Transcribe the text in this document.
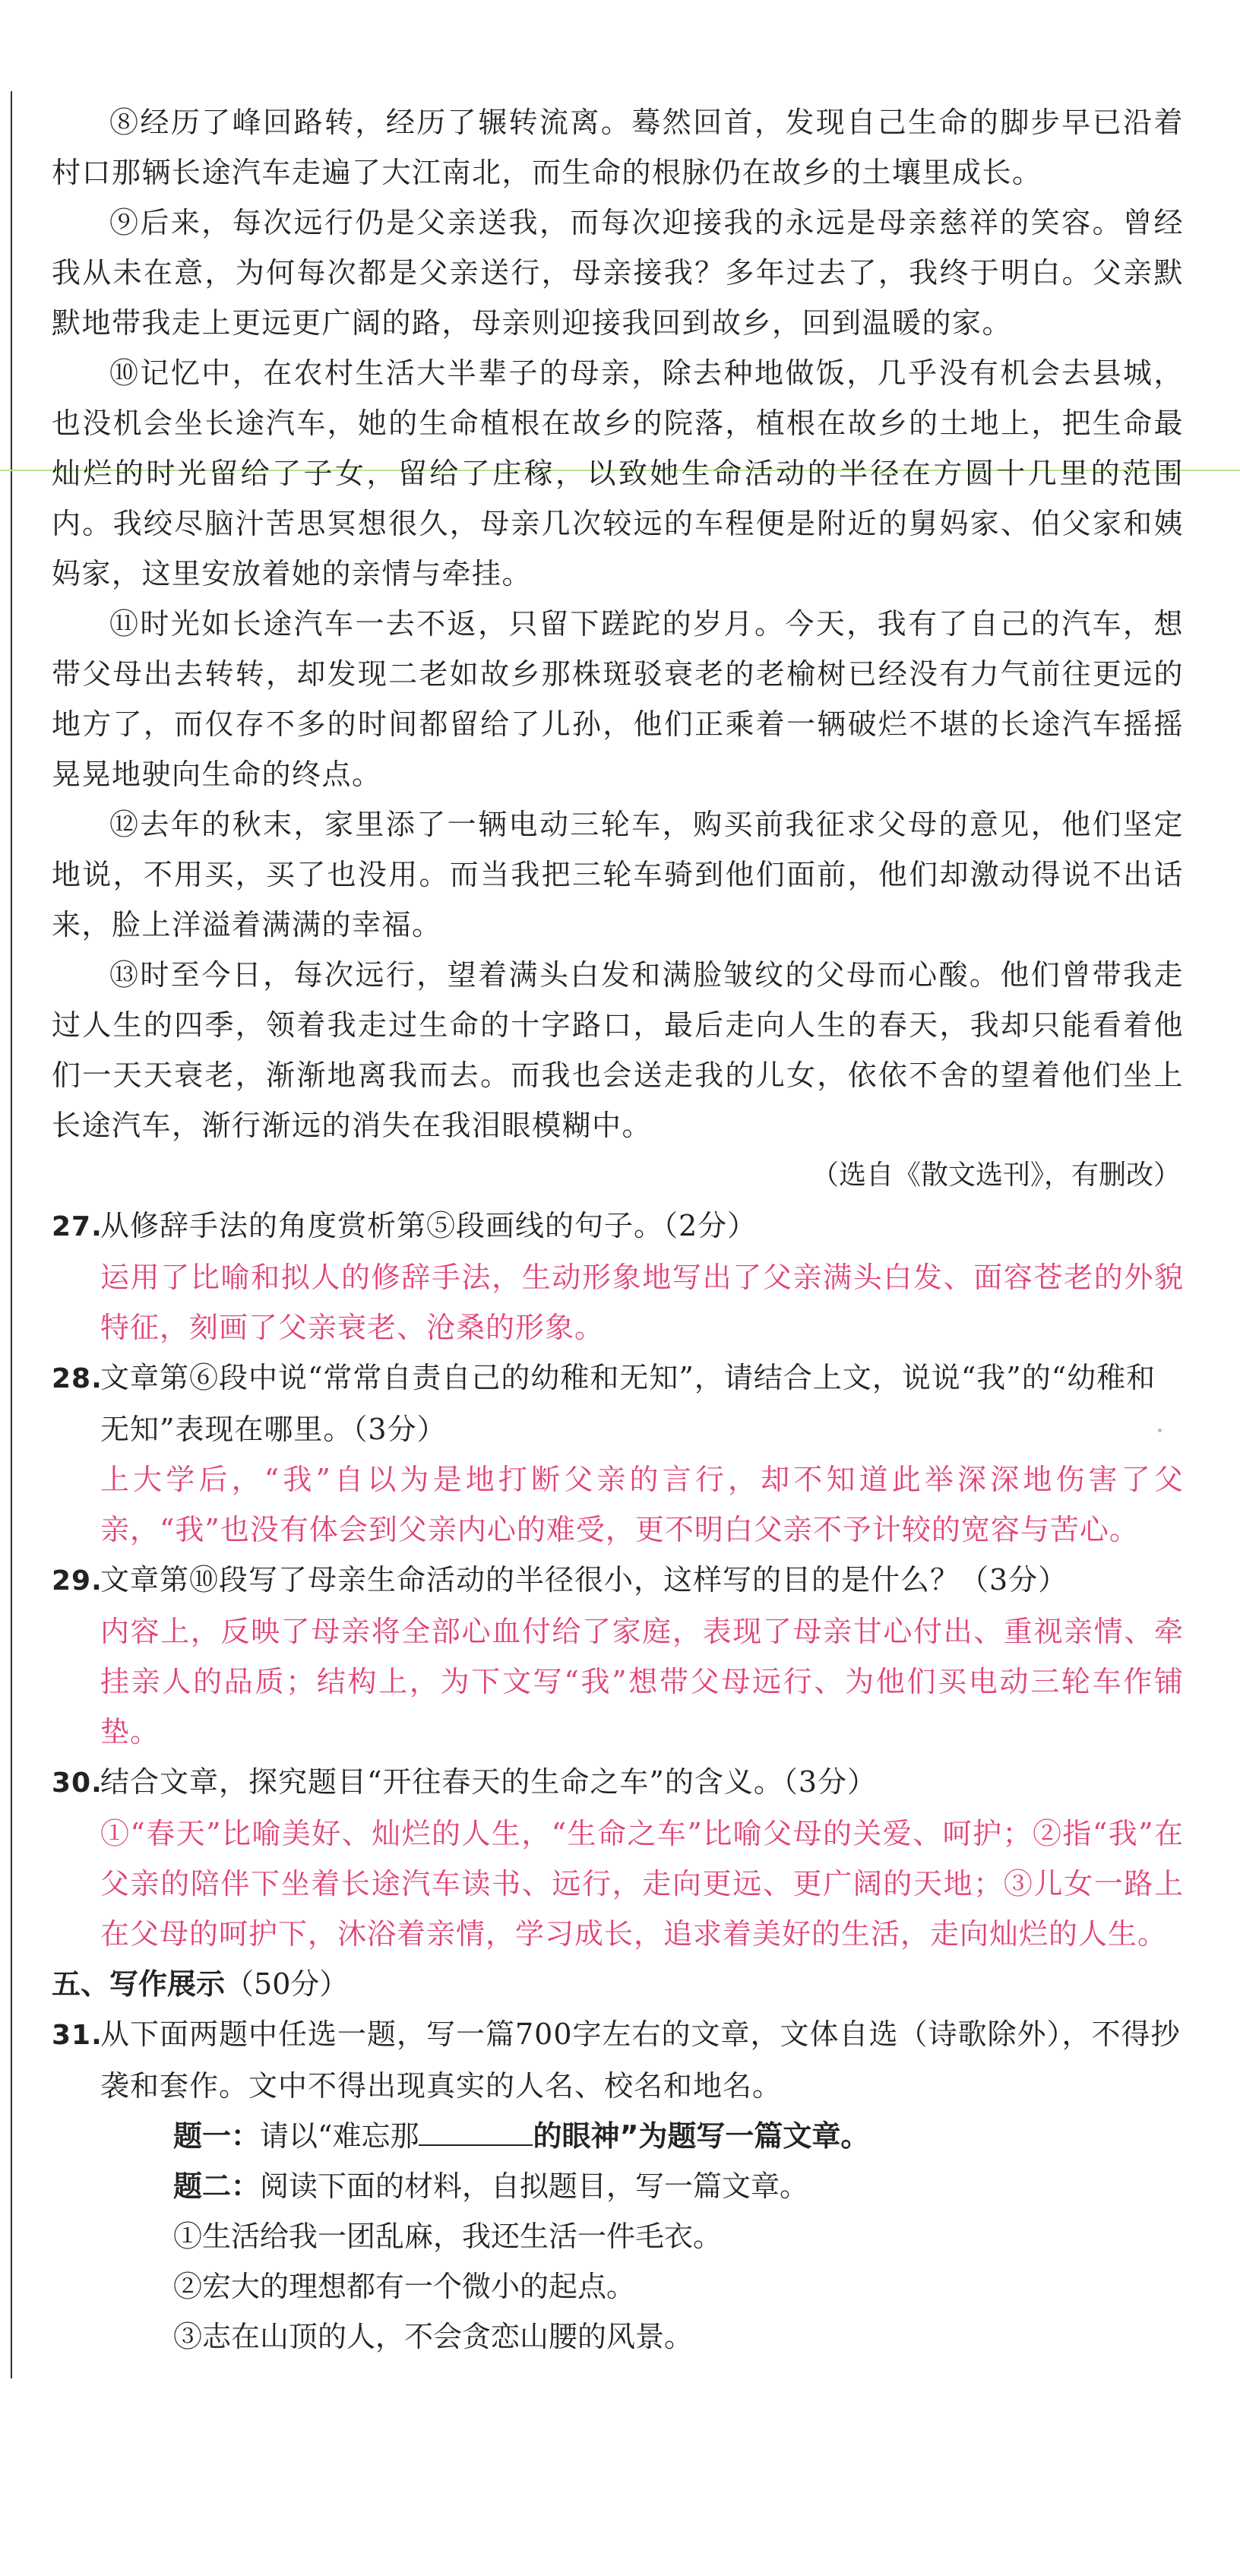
⑧经历了峰回路转，经历了辗转流离。蓦然回首，发现自己生命的脚步早已沿着村口那辆长途汽车走遍了大江南北，而生命的根脉仍在故乡的土壤里成长。

⑨后来，每次远行仍是父亲送我，而每次迎接我的永远是母亲慈祥的笑容。曾经我从未在意，为何每次都是父亲送行，母亲接我？多年过去了，我终于明白。父亲默默地带我走上更远更广阔的路，母亲则迎接我回到故乡，回到温暖的家。

⑩记忆中，在农村生活大半辈子的母亲，除去种地做饭，几乎没有机会去县城，也没机会坐长途汽车，她的生命植根在故乡的院落，植根在故乡的土地上，把生命最灿烂的时光留给了子女，留给了庄稼，以致她生命活动的半径在方圆十几里的范围内。我绞尽脑汁苦思冥想很久，母亲几次较远的车程便是附近的舅妈家、伯父家和姨妈家，这里安放着她的亲情与牵挂。

⑪时光如长途汽车一去不返，只留下蹉跎的岁月。今天，我有了自己的汽车，想带父母出去转转，却发现二老如故乡那株斑驳衰老的老榆树已经没有力气前往更远的地方了，而仅存不多的时间都留给了儿孙，他们正乘着一辆破烂不堪的长途汽车摇摇晃晃地驶向生命的终点。

⑫去年的秋末，家里添了一辆电动三轮车，购买前我征求父母的意见，他们坚定地说，不用买，买了也没用。而当我把三轮车骑到他们面前，他们却激动得说不出话来，脸上洋溢着满满的幸福。

⑬时至今日，每次远行，望着满头白发和满脸皱纹的父母而心酸。他们曾带我走过人生的四季，领着我走过生命的十字路口，最后走向人生的春天，我却只能看着他们一天天衰老，渐渐地离我而去。而我也会送走我的儿女，依依不舍的望着他们坐上长途汽车，渐行渐远的消失在我泪眼模糊中。

（选自《散文选刊》，有删改）

27.从修辞手法的角度赏析第⑤段画线的句子。（2分）

运用了比喻和拟人的修辞手法，生动形象地写出了父亲满头白发、面容苍老的外貌特征，刻画了父亲衰老、沧桑的形象。

28.文章第⑥段中说“常常自责自己的幼稚和无知”，请结合上文，说说“我”的“幼稚和无知”表现在哪里。（3分）

上大学后，“我”自以为是地打断父亲的言行，却不知道此举深深地伤害了父亲，“我”也没有体会到父亲内心的难受，更不明白父亲不予计较的宽容与苦心。

29.文章第⑩段写了母亲生命活动的半径很小，这样写的目的是什么？（3分）

内容上，反映了母亲将全部心血付给了家庭，表现了母亲甘心付出、重视亲情、牵挂亲人的品质；结构上，为下文写“我”想带父母远行、为他们买电动三轮车作铺垫。

30.结合文章，探究题目“开往春天的生命之车”的含义。（3分）

①“春天”比喻美好、灿烂的人生，“生命之车”比喻父母的关爱、呵护；②指“我”在父亲的陪伴下坐着长途汽车读书、远行，走向更远、更广阔的天地；③儿女一路上在父母的呵护下，沐浴着亲情，学习成长，追求着美好的生活，走向灿烂的人生。

五、写作展示（50分）

31.从下面两题中任选一题，写一篇700字左右的文章，文体自选（诗歌除外），不得抄袭和套作。文中不得出现真实的人名、校名和地名。

题一：请以“难忘那	的眼神”为题写一篇文章。

题二：阅读下面的材料，自拟题目，写一篇文章。

①生活给我一团乱麻，我还生活一件毛衣。

②宏大的理想都有一个微小的起点。

③志在山顶的人，不会贪恋山腰的风景。
